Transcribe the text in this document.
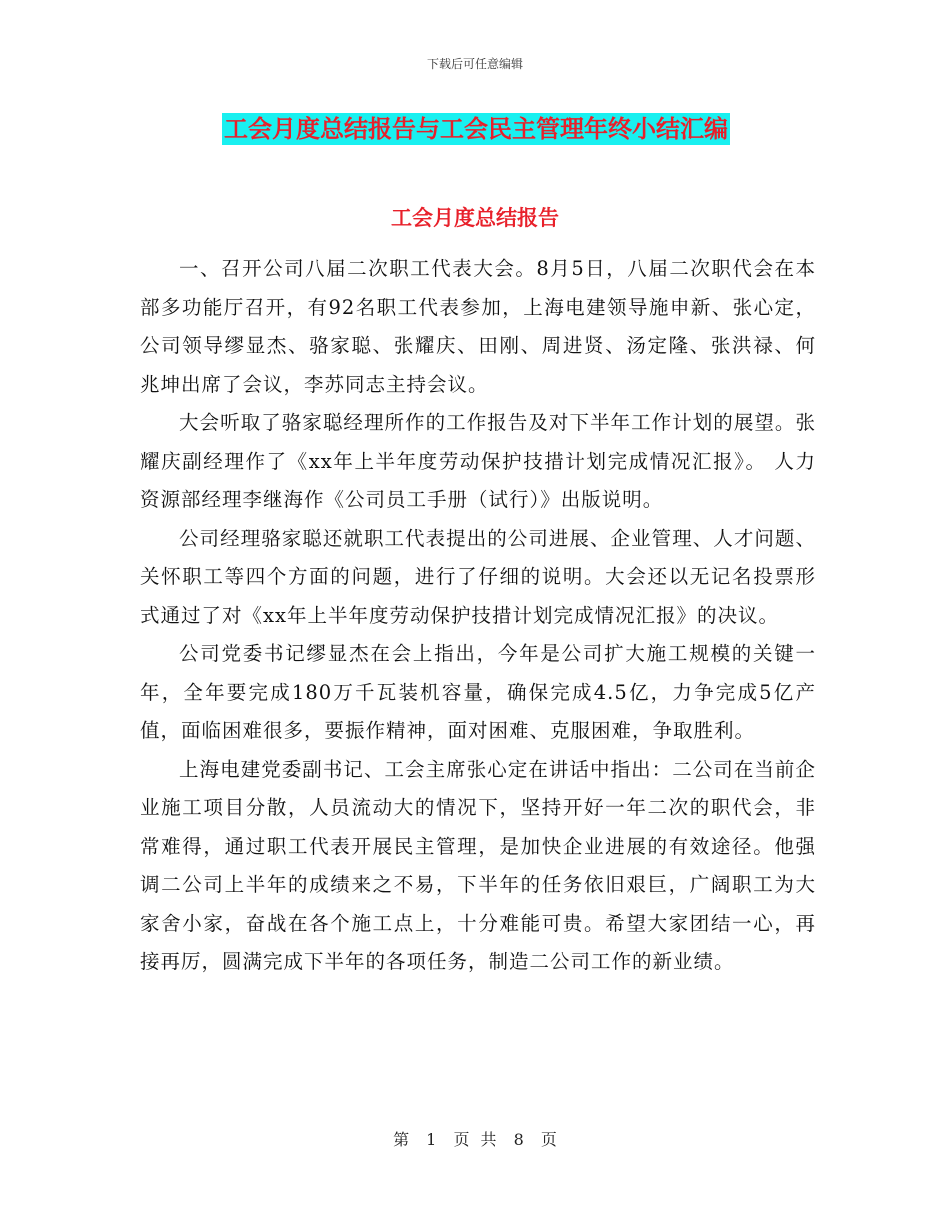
下载后可任意编辑
工会月度总结报告与工会民主管理年终小结汇编
工会月度总结报告

一、召开公司八届二次职工代表大会。8月5日，八届二次职代会在本部多功能厅召开，有92名职工代表参加，上海电建领导施申新、张心定，公司领导缪显杰、骆家聪、张耀庆、田刚、周进贤、汤定隆、张洪禄、何兆坤出席了会议，李苏同志主持会议。

大会听取了骆家聪经理所作的工作报告及对下半年工作计划的展望。张耀庆副经理作了《xx年上半年度劳动保护技措计划完成情况汇报》。 人力资源部经理李继海作《公司员工手册（试行）》出版说明。

公司经理骆家聪还就职工代表提出的公司进展、企业管理、人才问题、关怀职工等四个方面的问题，进行了仔细的说明。大会还以无记名投票形式通过了对《xx年上半年度劳动保护技措计划完成情况汇报》的决议。

公司党委书记缪显杰在会上指出，今年是公司扩大施工规模的关键一年，全年要完成180万千瓦装机容量，确保完成4.5亿，力争完成5亿产值，面临困难很多，要振作精神，面对困难、克服困难，争取胜利。

上海电建党委副书记、工会主席张心定在讲话中指出：二公司在当前企业施工项目分散，人员流动大的情况下，坚持开好一年二次的职代会，非常难得，通过职工代表开展民主管理，是加快企业进展的有效途径。他强调二公司上半年的成绩来之不易，下半年的任务依旧艰巨，广阔职工为大家舍小家，奋战在各个施工点上，十分难能可贵。希望大家团结一心，再接再厉，圆满完成下半年的各项任务，制造二公司工作的新业绩。

第 1 页 共 8 页
